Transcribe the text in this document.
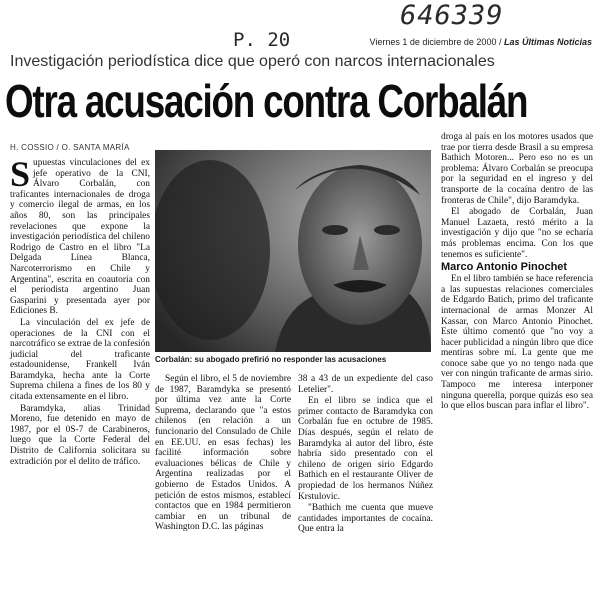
646339
P. 20	Viernes 1 de diciembre de 2000 / Las Últimas Noticias
Investigación periodística dice que operó con narcos internacionales
Otra acusación contra Corbalán
H. COSSIO / O. SANTA MARÍA

Supuestas vinculaciones del ex jefe operativo de la CNI, Álvaro Corbalán, con traficantes internacionales de droga y comercio ilegal de armas, en los años 80, son las principales revelaciones que expone la investigación periodística del chileno Rodrigo de Castro en el libro "La Delgada Línea Blanca, Narcoterrorismo en Chile y Argentina", escrita en coautoría con el periodista argentino Juan Gasparini y presentada ayer por Ediciones B.

La vinculación del ex jefe de operaciones de la CNI con el narcotráfico se extrae de la confesión judicial del traficante estadounidense, Frankell Iván Baramdyka, hecha ante la Corte Suprema chilena a fines de los 80 y citada extensamente en el libro.

Baramdyka, alias Trinidad Moreno, fue detenido en mayo de 1987, por el 0S-7 de Carabineros, luego que la Corte Federal del Distrito de California solicitara su extradición por el delito de tráfico.

Corbalán: su abogado prefirió no responder las acusaciones

Según el libro, el 5 de noviembre de 1987, Baramdyka se presentó por última vez ante la Corte Suprema, declarando que "a estos chilenos (en relación a un funcionario del Consulado de Chile en EE.UU. en esas fechas) les facilité información sobre evaluaciones bélicas de Chile y Argentina realizadas por el gobierno de Estados Unidos. A petición de estos mismos, establecí contactos que en 1984 permitieron cambiar en un tribunal de Washington D.C. las páginas

38 a 43 de un expediente del caso Letelier".

En el libro se indica que el primer contacto de Baramdyka con Corbalán fue en octubre de 1985. Días después, según el relato de Baramdyka al autor del libro, éste habría sido presentado con el chileno de origen sirio Edgardo Bathich en el restaurante Oliver de propiedad de los hermanos Núñez Krstulovic.

"Bathich me cuenta que mueve cantidades importantes de cocaína. Que entra la

droga al país en los motores usados que trae por tierra desde Brasil a su empresa Bathich Motoren... Pero eso no es un problema: Álvaro Corbalán se preocupa por la seguridad en el ingreso y del transporte de la cocaína dentro de las fronteras de Chile", dijo Baramdyka.

El abogado de Corbalán, Juan Manuel Lazaeta, restó mérito a la investigación y dijo que "no se echaría más problemas encima. Con los que tenemos es suficiente".

Marco Antonio Pinochet

En el libro también se hace referencia a las supuestas relaciones comerciales de Edgardo Batich, primo del traficante internacional de armas Monzer Al Kassar, con Marco Antonio Pinochet. Este último comentó que "no voy a hacer publicidad a ningún libro que dice mentiras sobre mí. La gente que me conoce sabe que yo no tengo nada que ver con ningún traficante de armas sirio. Tampoco me interesa interponer ninguna querella, porque quizás eso sea lo que ellos buscan para inflar el libro".
